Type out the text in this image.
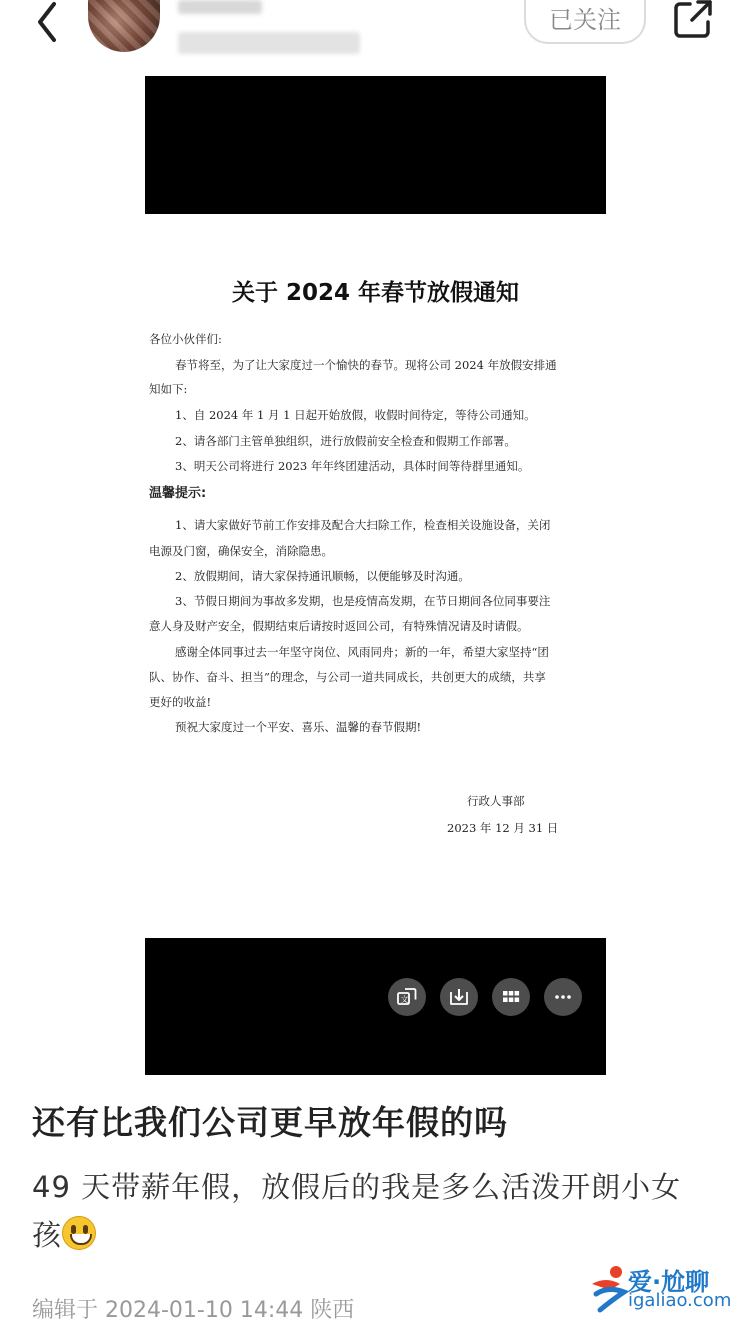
已关注
关于 2024 年春节放假通知
各位小伙伴们:
春节将至，为了让大家度过一个愉快的春节。现将公司 2024 年放假安排通
知如下:
1、自 2024 年 1 月 1 日起开始放假，收假时间待定，等待公司通知。
2、请各部门主管单独组织，进行放假前安全检查和假期工作部署。
3、明天公司将进行 2023 年年终团建活动，具体时间等待群里通知。
温馨提示:
1、请大家做好节前工作安排及配合大扫除工作，检查相关设施设备，关闭
电源及门窗，确保安全，消除隐患。
2、放假期间，请大家保持通讯顺畅，以便能够及时沟通。
3、节假日期间为事故多发期，也是疫情高发期，在节日期间各位同事要注
意人身及财产安全，假期结束后请按时返回公司，有特殊情况请及时请假。
感谢全体同事过去一年坚守岗位、风雨同舟；新的一年，希望大家坚持“团
队、协作、奋斗、担当”的理念，与公司一道共同成长，共创更大的成绩，共享
更好的收益!
预祝大家度过一个平安、喜乐、温馨的春节假期!
行政人事部
2023 年 12 月 31 日
文
还有比我们公司更早放年假的吗
49 天带薪年假，放假后的我是多么活泼开朗小女
孩
编辑于 2024-01-10 14:44 陕西
爱·尬聊
igaliao.com
